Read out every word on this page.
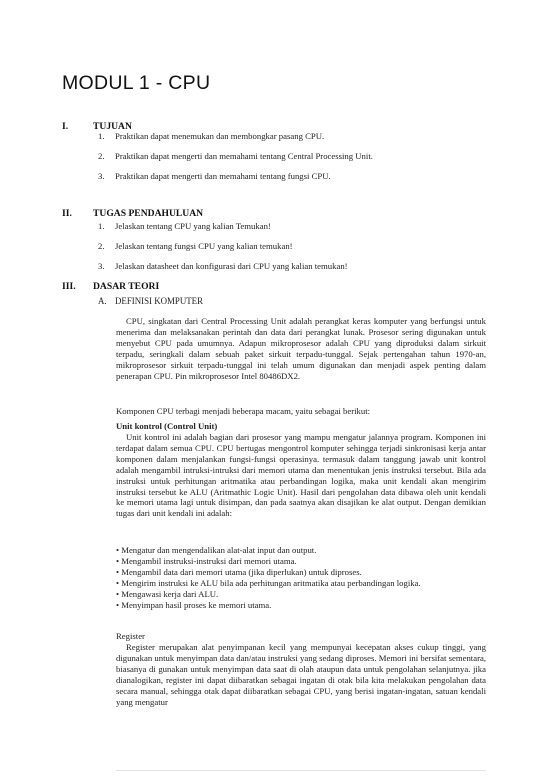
MODUL 1 - CPU
I.	TUJUAN
1. Praktikan dapat menemukan dan membongkar pasang CPU.
2. Praktikan dapat mengerti dan memahami tentang Central Processing Unit.
3. Praktikan dapat mengerti dan memahami tentang fungsi CPU.
II. TUGAS PENDAHULUAN
1. Jelaskan tentang CPU yang kalian Temukan!
2. Jelaskan tentang fungsi CPU yang kalian temukan!
3. Jelaskan datasheet dan konfigurasi dari CPU yang kalian temukan!
III. DASAR TEORI
A. DEFINISI KOMPUTER

CPU, singkatan dari Central Processing Unit adalah perangkat keras komputer yang berfungsi untuk menerima dan melaksanakan perintah dan data dari perangkat lunak. Prosesor sering digunakan untuk menyebut CPU pada umumnya. Adapun mikroprosesor adalah CPU yang diproduksi dalam sirkuit terpadu, seringkali dalam sebuah paket sirkuit terpadu-tunggal. Sejak pertengahan tahun 1970-an, mikroprosesor sirkuit terpadu-tunggal ini telah umum digunakan dan menjadi aspek penting dalam penerapan CPU. Pin mikroprosesor Intel 80486DX2.

Komponen CPU terbagi menjadi beberapa macam, yaitu sebagai berikut:
Unit kontrol (Control Unit)

Unit kontrol ini adalah bagian dari prosesor yang mampu mengatur jalannya program. Komponen ini terdapat dalam semua CPU. CPU bertugas mengontrol komputer sehingga terjadi sinkronisasi kerja antar komponen dalam menjalankan fungsi-fungsi operasinya. termasuk dalam tanggung jawab unit kontrol adalah mengambil intruksi-intruksi dari memori utama dan menentukan jenis instruksi tersebut. Bila ada instruksi untuk perhitungan aritmatika atau perbandingan logika, maka unit kendali akan mengirim instruksi tersebut ke ALU (Aritmathic Logic Unit). Hasil dari pengolahan data dibawa oleh unit kendali ke memori utama lagi untuk disimpan, dan pada saatnya akan disajikan ke alat output. Dengan demikian tugas dari unit kendali ini adalah:

• Mengatur dan mengendalikan alat-alat input dan output.
• Mengambil instruksi-instruksi dari memori utama.
• Mengambil data dari memori utama (jika diperlukan) untuk diproses.
• Mengirim instruksi ke ALU bila ada perhitungan aritmatika atau perbandingan logika.
• Mengawasi kerja dari ALU.
• Menyimpan hasil proses ke memori utama.
Register

Register merupakan alat penyimpanan kecil yang mempunyai kecepatan akses cukup tinggi, yang digunakan untuk menyimpan data dan/atau instruksi yang sedang diproses. Memori ini bersifat sementara, biasanya di gunakan untuk menyimpan data saat di olah ataupun data untuk pengolahan selanjutnya. jika dianalogikan, register ini dapat diibaratkan sebagai ingatan di otak bila kita melakukan pengolahan data secara manual, sehingga otak dapat diibaratkan sebagai CPU, yang berisi ingatan-ingatan, satuan kendali yang mengatur
